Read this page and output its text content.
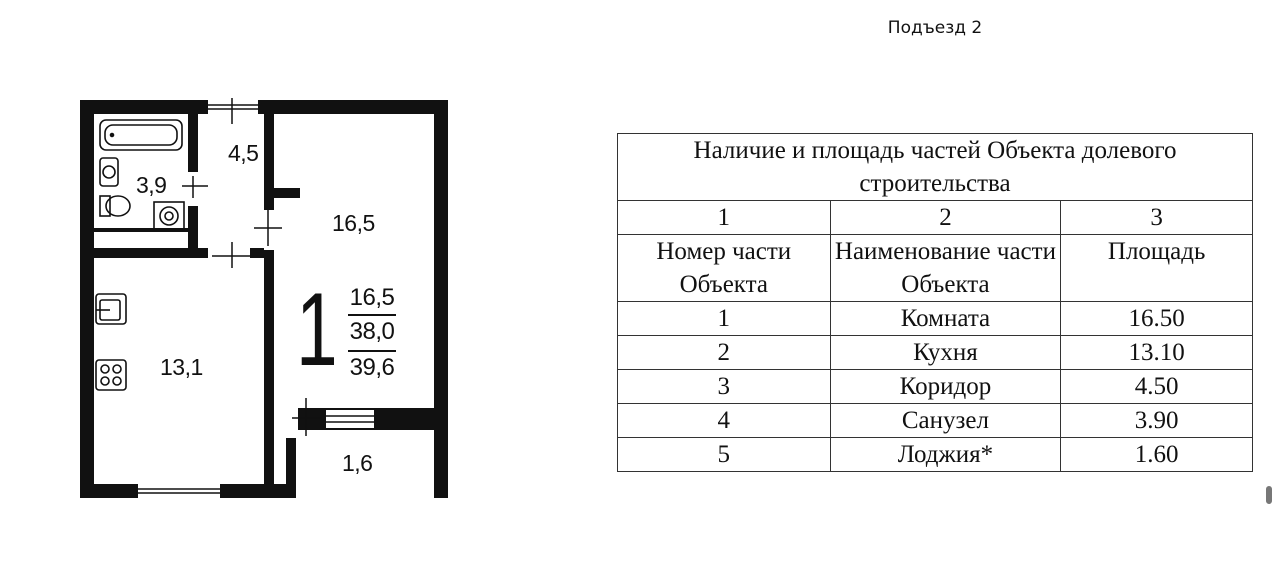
Подъезд 2
3,9
4,5
16,5
13,1
1,6
1 16,5
38,0
39,6
Наличие и площадь частей Объекта долевого строительства		
1	2	3
Номер части Объекта	Наименование части Объекта	Площадь
1	Комната	16.50
2	Кухня	13.10
3	Коридор	4.50
4	Санузел	3.90
5	Лоджия*	1.60
